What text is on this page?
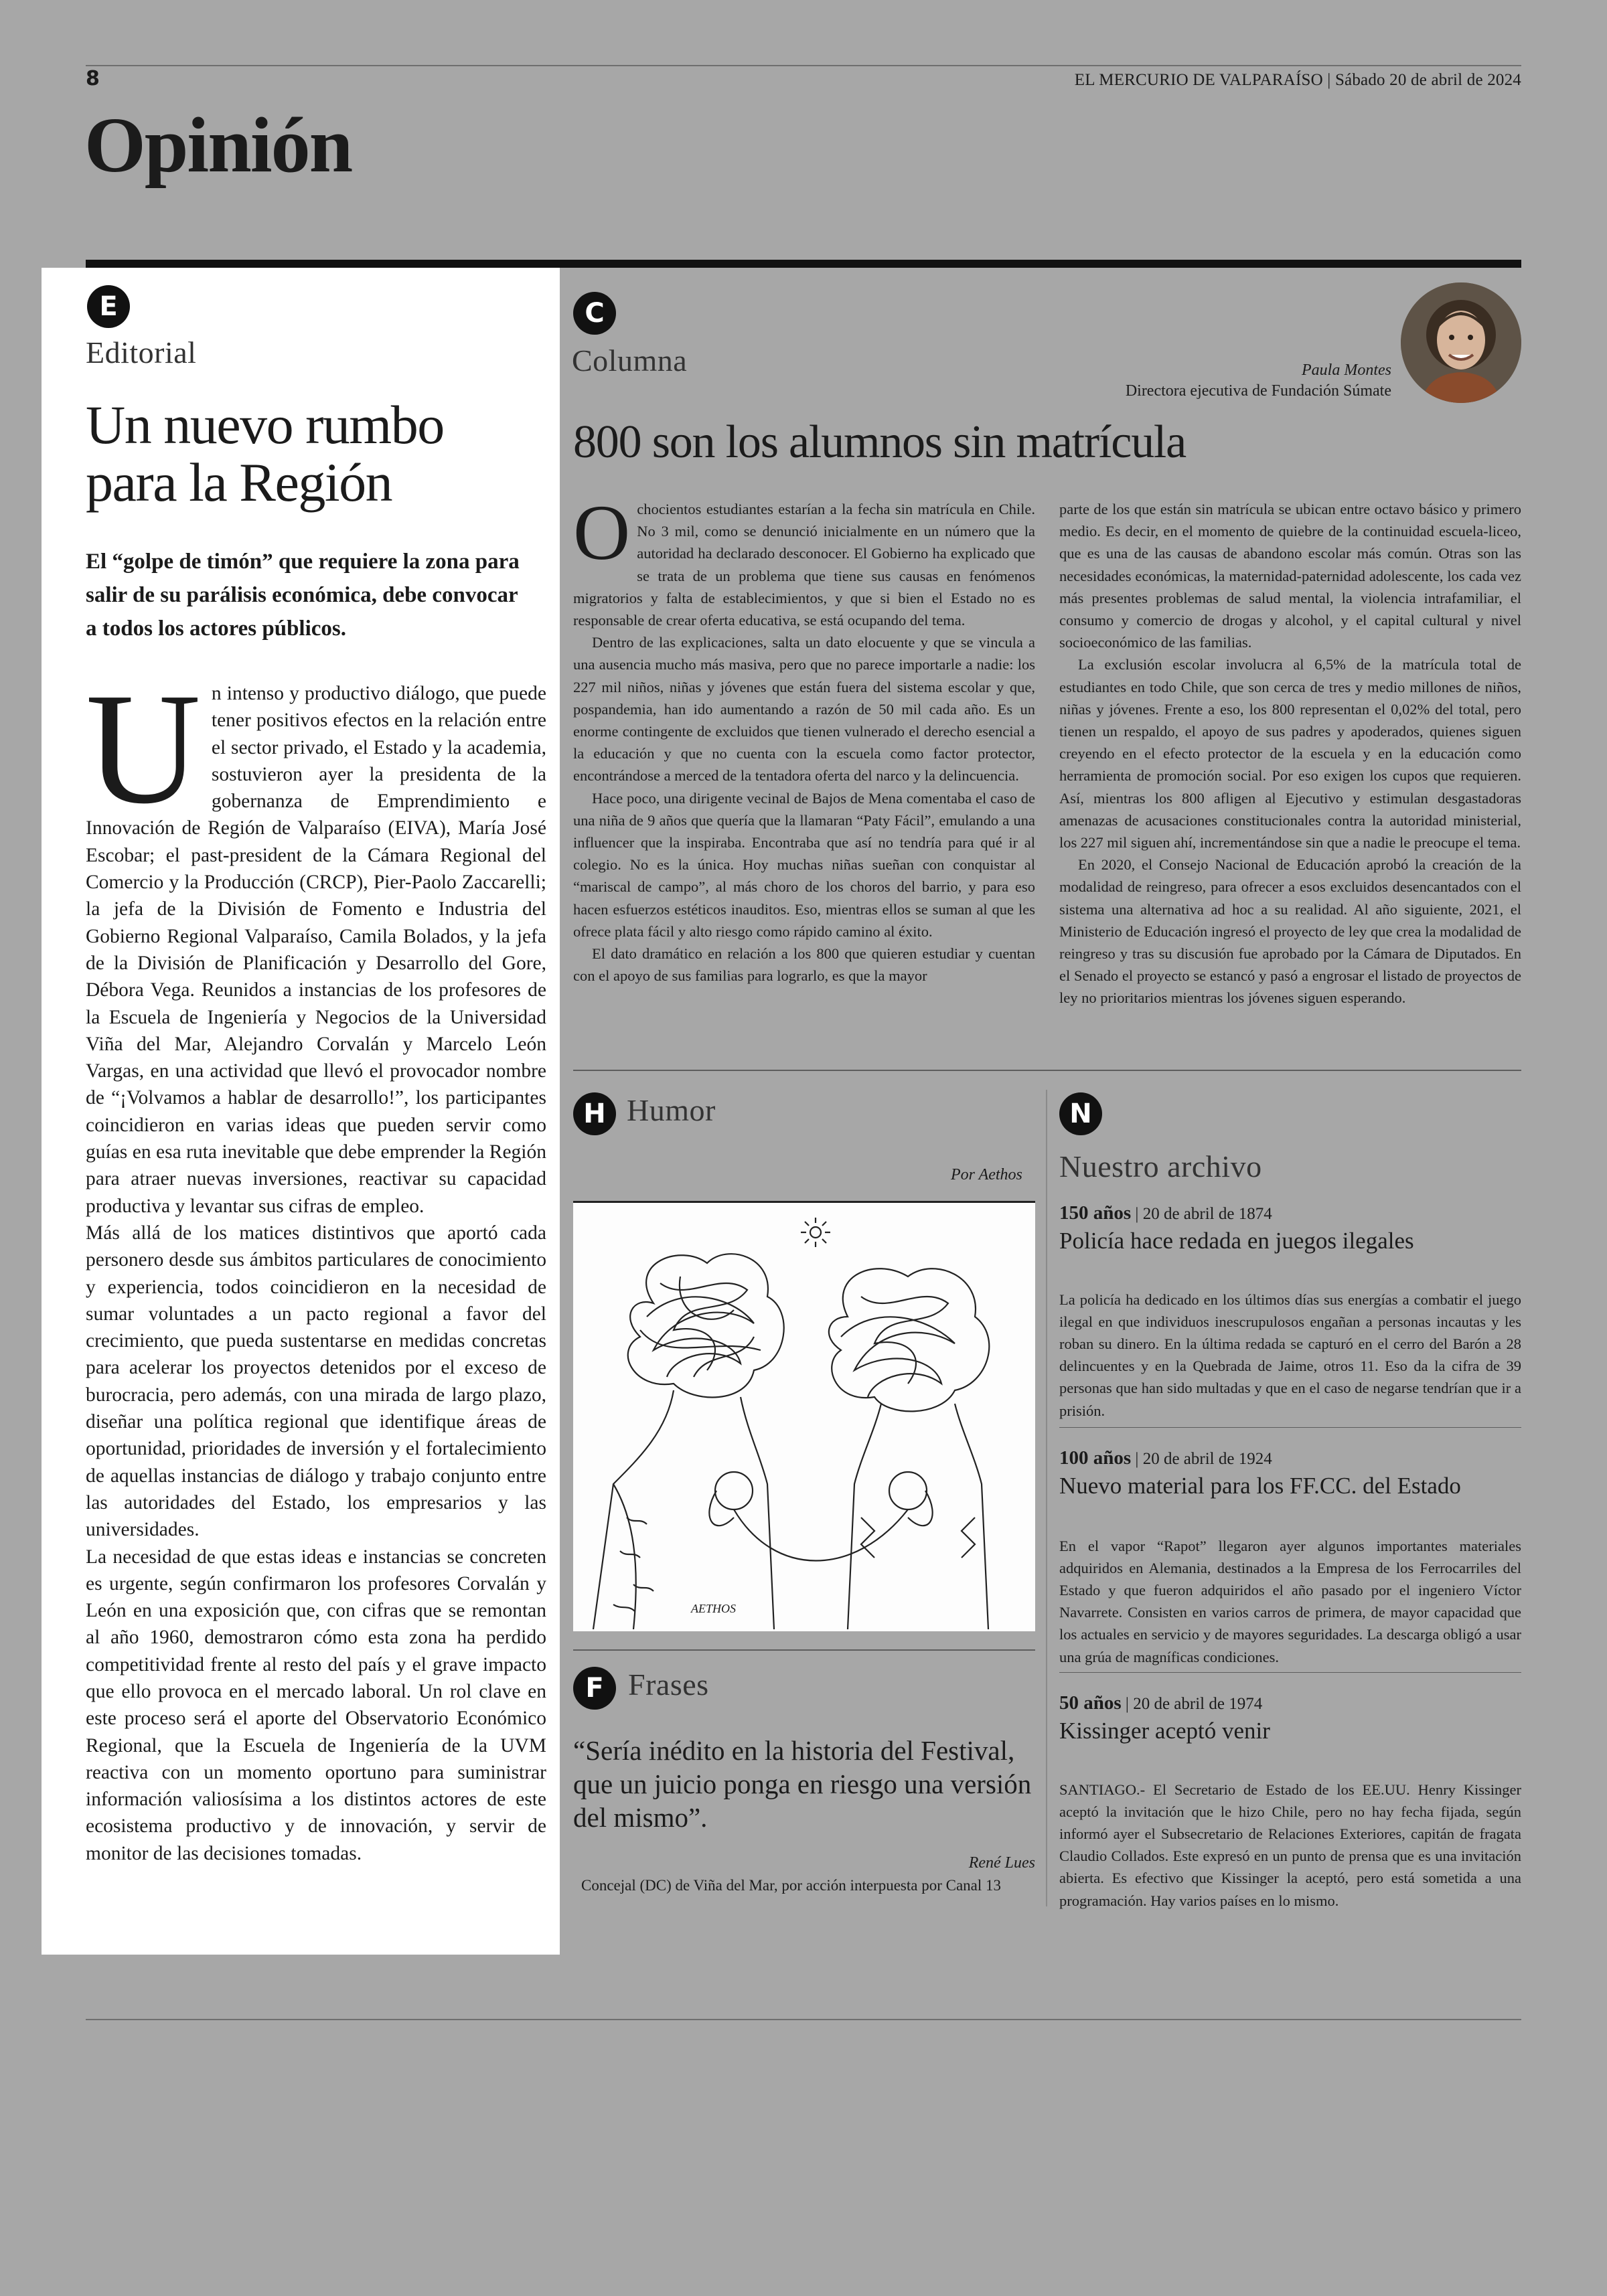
8	EL MERCURIO DE VALPARAÍSO | Sábado 20 de abril de 2024
Opinión
E
Editorial
Un nuevo rumbo para la Región
El “golpe de timón” que requiere la zona para salir de su parálisis económica, debe convocar a todos los actores públicos.
U n intenso y productivo diálogo, que puede tener positivos efectos en la relación entre el sector privado, el Estado y la academia, sostuvieron ayer la presidenta de la gobernanza de Emprendimiento e Innovación de Región de Valparaíso (EIVA), María José Escobar; el past-president de la Cámara Regional del Comercio y la Producción (CRCP), Pier-Paolo Zaccarelli; la jefa de la División de Fomento e Industria del Gobierno Regional Valparaíso, Camila Bolados, y la jefa de la División de Planificación y Desarrollo del Gore, Débora Vega. Reunidos a instancias de los profesores de la Escuela de Ingeniería y Negocios de la Universidad Viña del Mar, Alejandro Corvalán y Marcelo León Vargas, en una actividad que llevó el provocador nombre de “¡Volvamos a hablar de desarrollo!”, los participantes coincidieron en varias ideas que pueden servir como guías en esa ruta inevitable que debe emprender la Región para atraer nuevas inversiones, reactivar su capacidad productiva y levantar sus cifras de empleo.

Más allá de los matices distintivos que aportó cada personero desde sus ámbitos particulares de conocimiento y experiencia, todos coincidieron en la necesidad de sumar voluntades a un pacto regional a favor del crecimiento, que pueda sustentarse en medidas concretas para acelerar los proyectos detenidos por el exceso de burocracia, pero además, con una mirada de largo plazo, diseñar una política regional que identifique áreas de oportunidad, prioridades de inversión y el fortalecimiento de aquellas instancias de diálogo y trabajo conjunto entre las autoridades del Estado, los empresarios y las universidades.

La necesidad de que estas ideas e instancias se concreten es urgente, según confirmaron los profesores Corvalán y León en una exposición que, con cifras que se remontan al año 1960, demostraron cómo esta zona ha perdido competitividad frente al resto del país y el grave impacto que ello provoca en el mercado laboral. Un rol clave en este proceso será el aporte del Observatorio Económico Regional, que la Escuela de Ingeniería de la UVM reactiva con un momento oportuno para suministrar información valiosísima a los distintos actores de este ecosistema productivo y de innovación, y servir de monitor de las decisiones tomadas.

C
Columna	Paula Montes
Directora ejecutiva de Fundación Súmate
800 son los alumnos sin matrícula
O chocientos estudiantes estarían a la fecha sin matrícula en Chile. No 3 mil, como se denunció inicialmente en un número que la autoridad ha declarado desconocer. El Gobierno ha explicado que se trata de un problema que tiene sus causas en fenómenos migratorios y falta de establecimientos, y que si bien el Estado no es responsable de crear oferta educativa, se está ocupando del tema.

Dentro de las explicaciones, salta un dato elocuente y que se vincula a una ausencia mucho más masiva, pero que no parece importarle a nadie: los 227 mil niños, niñas y jóvenes que están fuera del sistema escolar y que, pospandemia, han ido aumentando a razón de 50 mil cada año. Es un enorme contingente de excluidos que tienen vulnerado el derecho esencial a la educación y que no cuenta con la escuela como factor protector, encontrándose a merced de la tentadora oferta del narco y la delincuencia.

Hace poco, una dirigente vecinal de Bajos de Mena comentaba el caso de una niña de 9 años que quería que la llamaran “Paty Fácil”, emulando a una influencer que la inspiraba. Encontraba que así no tendría para qué ir al colegio. No es la única. Hoy muchas niñas sueñan con conquistar al “mariscal de campo”, al más choro de los choros del barrio, y para eso hacen esfuerzos estéticos inauditos. Eso, mientras ellos se suman al que les ofrece plata fácil y alto riesgo como rápido camino al éxito.

El dato dramático en relación a los 800 que quieren estudiar y cuentan con el apoyo de sus familias para lograrlo, es que la mayor

parte de los que están sin matrícula se ubican entre octavo básico y primero medio. Es decir, en el momento de quiebre de la continuidad escuela-liceo, que es una de las causas de abandono escolar más común. Otras son las necesidades económicas, la maternidad-paternidad adolescente, los cada vez más presentes problemas de salud mental, la violencia intrafamiliar, el consumo y comercio de drogas y alcohol, y el capital cultural y nivel socioeconómico de las familias.

La exclusión escolar involucra al 6,5% de la matrícula total de estudiantes en todo Chile, que son cerca de tres y medio millones de niños, niñas y jóvenes. Frente a eso, los 800 representan el 0,02% del total, pero tienen un respaldo, el apoyo de sus padres y apoderados, quienes siguen creyendo en el efecto protector de la escuela y en la educación como herramienta de promoción social. Por eso exigen los cupos que requieren. Así, mientras los 800 afligen al Ejecutivo y estimulan desgastadoras amenazas de acusaciones constitucionales contra la autoridad ministerial, los 227 mil siguen ahí, incrementándose sin que a nadie le preocupe el tema.

En 2020, el Consejo Nacional de Educación aprobó la creación de la modalidad de reingreso, para ofrecer a esos excluidos desencantados con el sistema una alternativa ad hoc a su realidad. Al año siguiente, 2021, el Ministerio de Educación ingresó el proyecto de ley que crea la modalidad de reingreso y tras su discusión fue aprobado por la Cámara de Diputados. En el Senado el proyecto se estancó y pasó a engrosar el listado de proyectos de ley no prioritarios mientras los jóvenes siguen esperando.

H Humor
Por Aethos
AETHOS
F Frases
“Sería inédito en la historia del Festival, que un juicio ponga en riesgo una versión del mismo”.
René Lues
Concejal (DC) de Viña del Mar, por acción interpuesta por Canal 13
N
Nuestro archivo
150 años | 20 de abril de 1874
Policía hace redada en juegos ilegales

La policía ha dedicado en los últimos días sus energías a combatir el juego ilegal en que individuos inescrupulosos engañan a personas incautas y les roban su dinero. En la última redada se capturó en el cerro del Barón a 28 delincuentes y en la Quebrada de Jaime, otros 11. Eso da la cifra de 39 personas que han sido multadas y que en el caso de negarse tendrían que ir a prisión.

100 años | 20 de abril de 1924
Nuevo material para los FF.CC. del Estado

En el vapor “Rapot” llegaron ayer algunos importantes materiales adquiridos en Alemania, destinados a la Empresa de los Ferrocarriles del Estado y que fueron adquiridos el año pasado por el ingeniero Víctor Navarrete. Consisten en varios carros de primera, de mayor capacidad que los actuales en servicio y de mayores seguridades. La descarga obligó a usar una grúa de magníficas condiciones.

50 años | 20 de abril de 1974
Kissinger aceptó venir

SANTIAGO.- El Secretario de Estado de los EE.UU. Henry Kissinger aceptó la invitación que le hizo Chile, pero no hay fecha fijada, según informó ayer el Subsecretario de Relaciones Exteriores, capitán de fragata Claudio Collados. Este expresó en un punto de prensa que es una invitación abierta. Es efectivo que Kissinger la aceptó, pero está sometida a una programación. Hay varios países en lo mismo.
